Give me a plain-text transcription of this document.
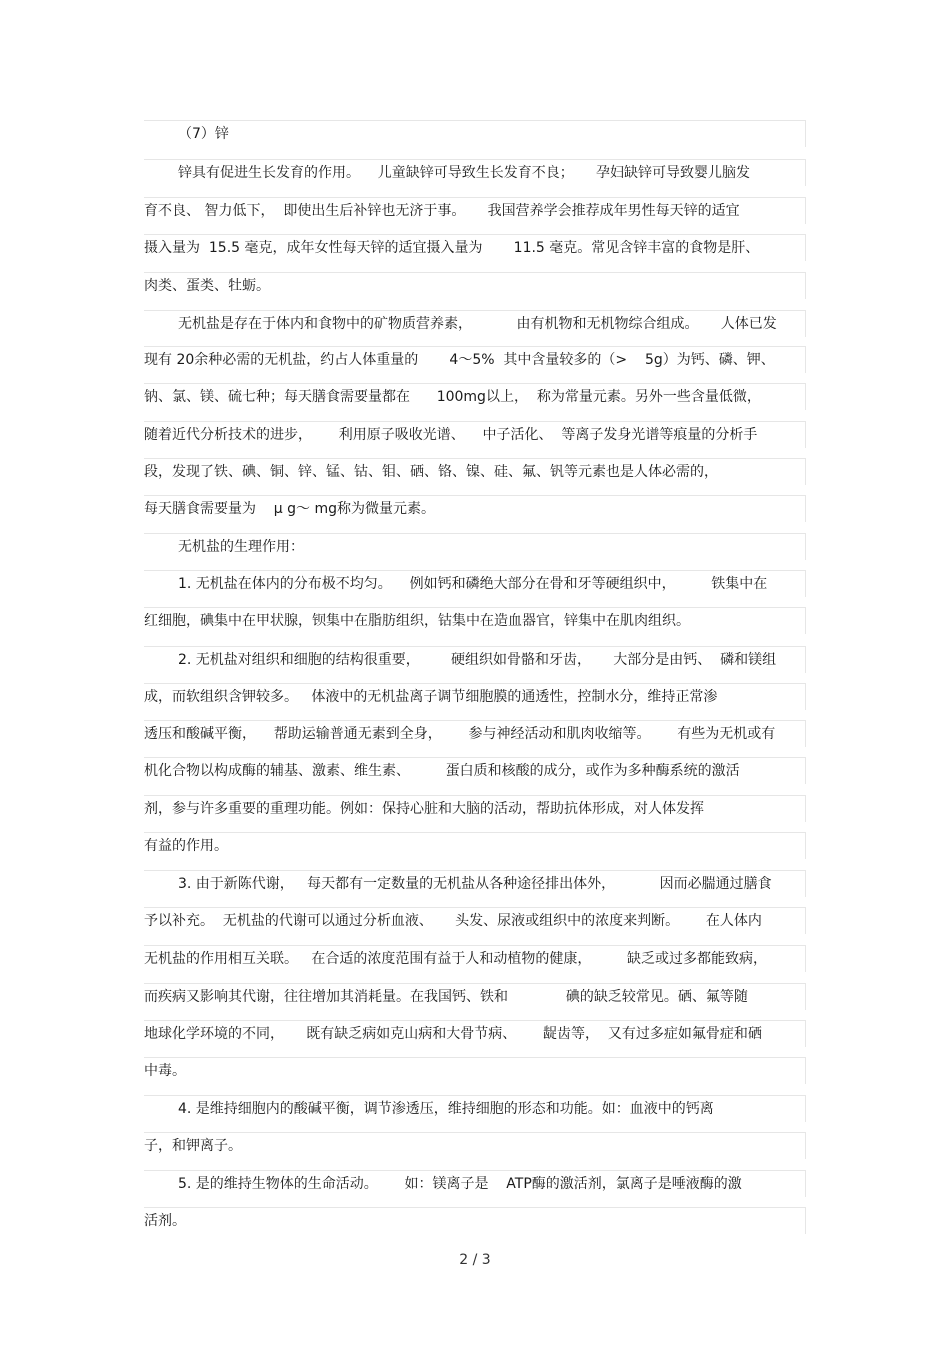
（7）锌
锌具有促进生长发育的作用。    儿童缺锌可导致生长发育不良；     孕妇缺锌可导致婴儿脑发
育不良、 智力低下，  即使出生后补锌也无济于事。     我国营养学会推荐成年男性每天锌的适宜
摄入量为  15.5 毫克，成年女性每天锌的适宜摄入量为       11.5 毫克。常见含锌丰富的食物是肝、
肉类、蛋类、牡蛎。
无机盐是存在于体内和食物中的矿物质营养素，          由有机物和无机物综合组成。     人体已发
现有 20余种必需的无机盐，约占人体重量的       4～5%  其中含量较多的（>    5g）为钙、磷、钾、
钠、氯、镁、硫七种；每天膳食需要量都在      100mg以上，  称为常量元素。另外一些含量低微，
随着近代分析技术的进步，      利用原子吸收光谱、    中子活化、  等离子发身光谱等痕量的分析手
段，发现了铁、碘、铜、锌、锰、钴、钼、硒、铬、镍、硅、氟、钒等元素也是人体必需的，
每天膳食需要量为    μ g～ mg称为微量元素。
无机盐的生理作用：
1. 无机盐在体内的分布极不均匀。    例如钙和磷绝大部分在骨和牙等硬组织中，        铁集中在
红细胞，碘集中在甲状腺，钡集中在脂肪组织，钴集中在造血器官，锌集中在肌肉组织。
2. 无机盐对组织和细胞的结构很重要，       硬组织如骨骼和牙齿，     大部分是由钙、  磷和镁组
成，而软组织含钾较多。   体液中的无机盐离子调节细胞膜的通透性，控制水分，维持正常渗
透压和酸碱平衡，    帮助运输普通无素到全身，      参与神经活动和肌肉收缩等。      有些为无机或有
机化合物以构成酶的辅基、激素、维生素、        蛋白质和核酸的成分，或作为多种酶系统的激活
剂，参与许多重要的重理功能。例如：保持心脏和大脑的活动，帮助抗体形成，对人体发挥
有益的作用。
3. 由于新陈代谢，   每天都有一定数量的无机盐从各种途径排出体外，          因而必腨通过膳食
予以补充。  无机盐的代谢可以通过分析血液、     头发、尿液或组织中的浓度来判断。      在人体内
无机盐的作用相互关联。   在合适的浓度范围有益于人和动植物的健康，        缺乏或过多都能致病，
而疾病又影响其代谢，往往增加其消耗量。在我国钙、铁和             碘的缺乏较常见。硒、氟等随
地球化学环境的不同，     既有缺乏病如克山病和大骨节病、      龊齿等，  又有过多症如氟骨症和硒
中毒。
4. 是维持细胞内的酸碱平衡，调节渗透压，维持细胞的形态和功能。如：血液中的钙离
子，和钾离子。
5. 是的维持生物体的生命活动。      如：镁离子是    ATP酶的激活剂，氯离子是唾液酶的激
活剂。
2 / 3
